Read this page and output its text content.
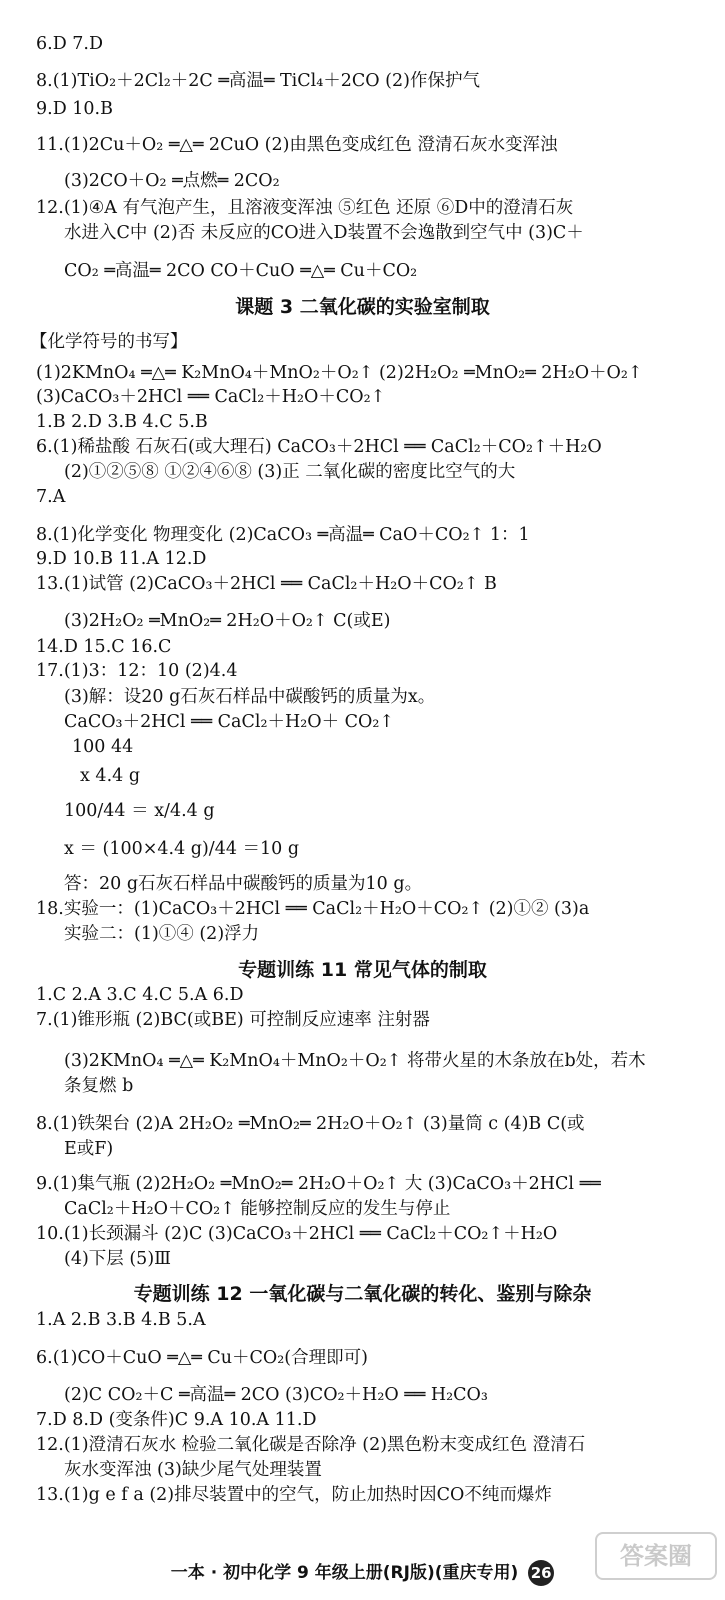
6.D 7.D
8.(1)TiO₂＋2Cl₂＋2C ═高温═ TiCl₄＋2CO (2)作保护气
9.D 10.B
11.(1)2Cu＋O₂ ═△═ 2CuO (2)由黑色变成红色 澄清石灰水变浑浊
(3)2CO＋O₂ ═点燃═ 2CO₂
12.(1)④A 有气泡产生，且溶液变浑浊 ⑤红色 还原 ⑥D中的澄清石灰
水进入C中 (2)否 未反应的CO进入D装置不会逸散到空气中 (3)C＋
CO₂ ═高温═ 2CO CO＋CuO ═△═ Cu＋CO₂
【化学符号的书写】
(1)2KMnO₄ ═△═ K₂MnO₄＋MnO₂＋O₂↑ (2)2H₂O₂ ═MnO₂═ 2H₂O＋O₂↑
(3)CaCO₃＋2HCl ══ CaCl₂＋H₂O＋CO₂↑
1.B 2.D 3.B 4.C 5.B
6.(1)稀盐酸 石灰石(或大理石) CaCO₃＋2HCl ══ CaCl₂＋CO₂↑＋H₂O
(2)①②⑤⑧ ①②④⑥⑧ (3)正 二氧化碳的密度比空气的大
7.A
8.(1)化学变化 物理变化 (2)CaCO₃ ═高温═ CaO＋CO₂↑ 1：1
9.D 10.B 11.A 12.D
13.(1)试管 (2)CaCO₃＋2HCl ══ CaCl₂＋H₂O＋CO₂↑ B
(3)2H₂O₂ ═MnO₂═ 2H₂O＋O₂↑ C(或E)
14.D 15.C 16.C
17.(1)3：12：10 (2)4.4
(3)解：设20 g石灰石样品中碳酸钙的质量为x。
CaCO₃＋2HCl ══ CaCl₂＋H₂O＋ CO₂↑
100 44
x 4.4 g
100/44 ＝ x/4.4 g
x ＝ (100×4.4 g)/44 ＝10 g
答：20 g石灰石样品中碳酸钙的质量为10 g。
18.实验一：(1)CaCO₃＋2HCl ══ CaCl₂＋H₂O＋CO₂↑ (2)①② (3)a
实验二：(1)①④ (2)浮力
1.C 2.A 3.C 4.C 5.A 6.D
7.(1)锥形瓶 (2)BC(或BE) 可控制反应速率 注射器
(3)2KMnO₄ ═△═ K₂MnO₄＋MnO₂＋O₂↑ 将带火星的木条放在b处，若木
条复燃 b
8.(1)铁架台 (2)A 2H₂O₂ ═MnO₂═ 2H₂O＋O₂↑ (3)量筒 c (4)B C(或
E或F)
9.(1)集气瓶 (2)2H₂O₂ ═MnO₂═ 2H₂O＋O₂↑ 大 (3)CaCO₃＋2HCl ══
CaCl₂＋H₂O＋CO₂↑ 能够控制反应的发生与停止
10.(1)长颈漏斗 (2)C (3)CaCO₃＋2HCl ══ CaCl₂＋CO₂↑＋H₂O
(4)下层 (5)Ⅲ
1.A 2.B 3.B 4.B 5.A
6.(1)CO＋CuO ═△═ Cu＋CO₂(合理即可)
(2)C CO₂＋C ═高温═ 2CO (3)CO₂＋H₂O ══ H₂CO₃
7.D 8.D (变条件)C 9.A 10.A 11.D
12.(1)澄清石灰水 检验二氧化碳是否除净 (2)黑色粉末变成红色 澄清石
灰水变浑浊 (3)缺少尾气处理装置
13.(1)g e f a (2)排尽装置中的空气，防止加热时因CO不纯而爆炸
课题 3 二氧化碳的实验室制取
专题训练 11 常见气体的制取
专题训练 12 一氧化碳与二氧化碳的转化、鉴别与除杂
一本 · 初中化学 9 年级上册(RJ版)(重庆专用) 26
答案圈
